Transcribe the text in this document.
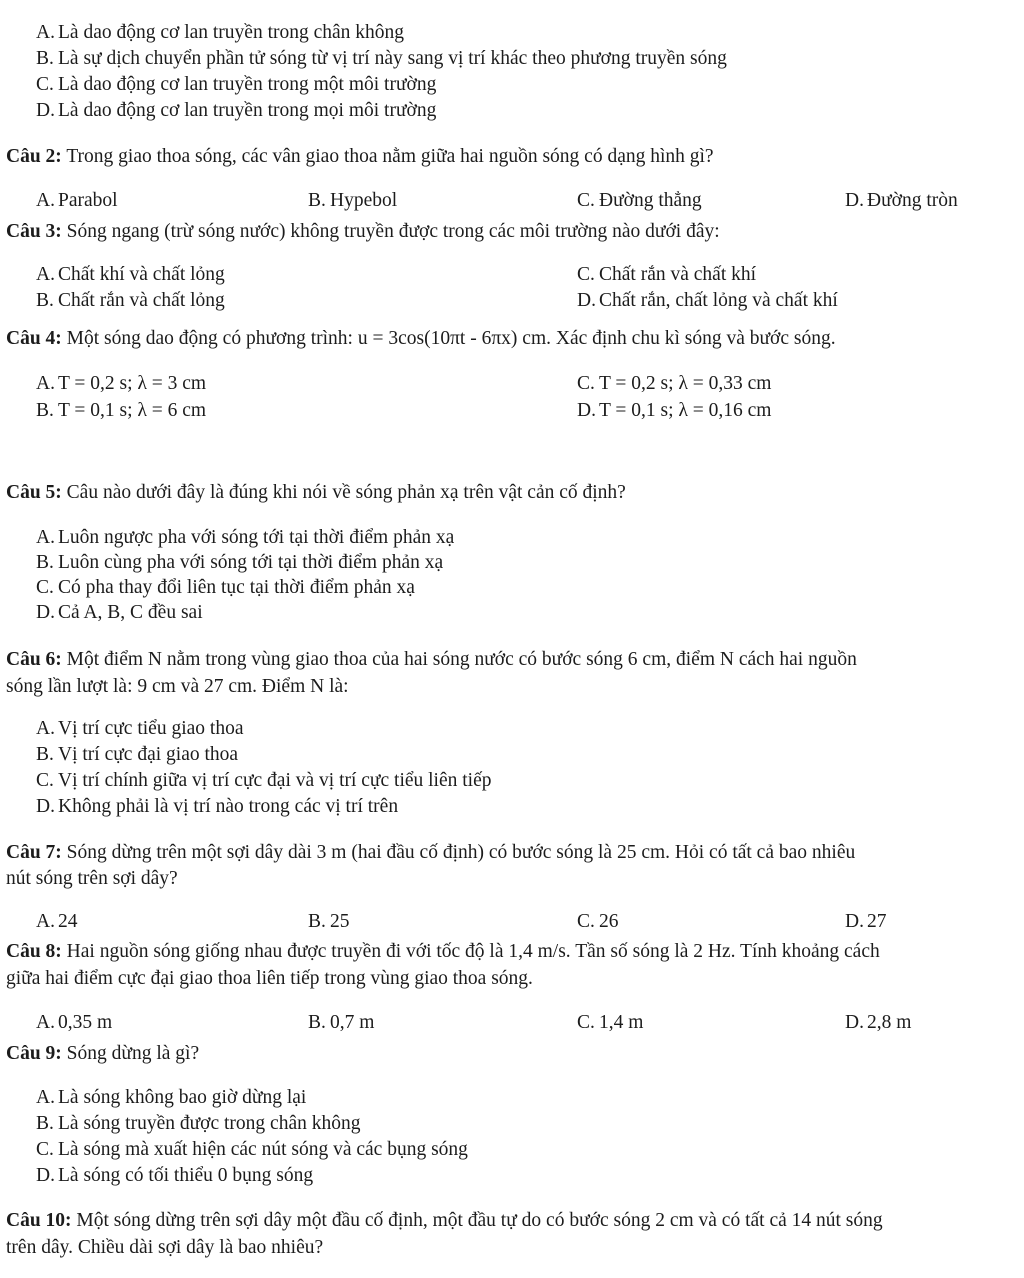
A. Là dao động cơ lan truyền trong chân không
B. Là sự dịch chuyển phần tử sóng từ vị trí này sang vị trí khác theo phương truyền sóng
C. Là dao động cơ lan truyền trong một môi trường
D. Là dao động cơ lan truyền trong mọi môi trường
Câu 2: Trong giao thoa sóng, các vân giao thoa nằm giữa hai nguồn sóng có dạng hình gì?
A. Parabol	B. Hypebol	C. Đường thẳng	D. Đường tròn
Câu 3: Sóng ngang (trừ sóng nước) không truyền được trong các môi trường nào dưới đây:
A. Chất khí và chất lỏng	C. Chất rắn và chất khí
B. Chất rắn và chất lỏng	D. Chất rắn, chất lỏng và chất khí
Câu 4: Một sóng dao động có phương trình: u = 3cos(10πt - 6πx) cm. Xác định chu kì sóng và bước sóng.
A. T = 0,2 s; λ = 3 cm	C. T = 0,2 s; λ = 0,33 cm
B. T = 0,1 s; λ = 6 cm	D. T = 0,1 s; λ = 0,16 cm
Câu 5: Câu nào dưới đây là đúng khi nói về sóng phản xạ trên vật cản cố định?
A. Luôn ngược pha với sóng tới tại thời điểm phản xạ
B. Luôn cùng pha với sóng tới tại thời điểm phản xạ
C. Có pha thay đổi liên tục tại thời điểm phản xạ
D. Cả A, B, C đều sai
Câu 6: Một điểm N nằm trong vùng giao thoa của hai sóng nước có bước sóng 6 cm, điểm N cách hai nguồn
sóng lần lượt là: 9 cm và 27 cm. Điểm N là:
A. Vị trí cực tiểu giao thoa
B. Vị trí cực đại giao thoa
C. Vị trí chính giữa vị trí cực đại và vị trí cực tiểu liên tiếp
D. Không phải là vị trí nào trong các vị trí trên
Câu 7: Sóng dừng trên một sợi dây dài 3 m (hai đầu cố định) có bước sóng là 25 cm. Hỏi có tất cả bao nhiêu
nút sóng trên sợi dây?
A. 24	B. 25	C. 26	D. 27
Câu 8: Hai nguồn sóng giống nhau được truyền đi với tốc độ là 1,4 m/s. Tần số sóng là 2 Hz. Tính khoảng cách
giữa hai điểm cực đại giao thoa liên tiếp trong vùng giao thoa sóng.
A. 0,35 m	B. 0,7 m	C. 1,4 m	D. 2,8 m
Câu 9: Sóng dừng là gì?
A. Là sóng không bao giờ dừng lại
B. Là sóng truyền được trong chân không
C. Là sóng mà xuất hiện các nút sóng và các bụng sóng
D. Là sóng có tối thiểu 0 bụng sóng
Câu 10: Một sóng dừng trên sợi dây một đầu cố định, một đầu tự do có bước sóng 2 cm và có tất cả 14 nút sóng
trên dây. Chiều dài sợi dây là bao nhiêu?
